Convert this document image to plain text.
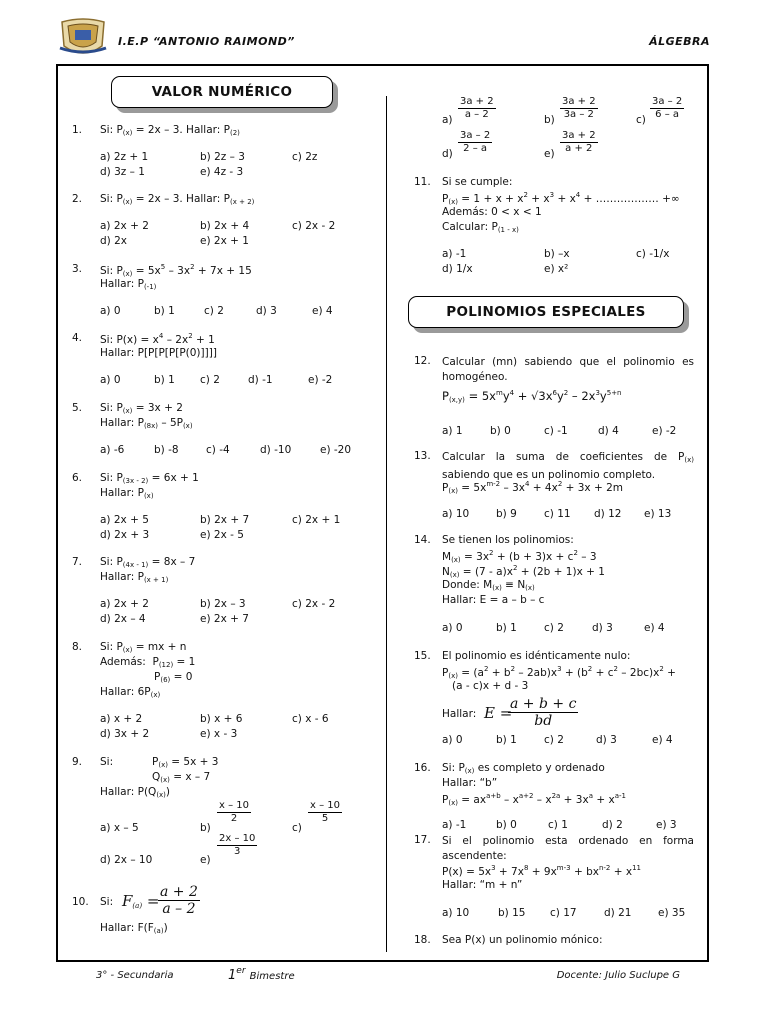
I.E.P “ANTONIO RAIMOND”	ÁLGEBRA
VALOR NUMÉRICO
1. Si: $P_{(x)} = 2x - 3$. Hallar: $P_{(2)}$
a) 2z + 1	b) 2z – 3	c) 2z
d) 3z – 1	e) 4z - 3
2. Si: $P_{(x)} = 2x - 3$. Hallar: $P_{(x + 2)}$
a) 2x + 2	b) 2x + 4	c) 2x - 2
d) 2x	e) 2x + 1
3. Si: $P_{(x)} = 5x^5 - 3x^2 + 7x + 15$
Hallar: $P_{(-1)}$
a) 0	b) 1	c) 2	d) 3	e) 4
4. Si: $P(x) = x^4 - 2x^2 + 1$
Hallar: P[P[P[P[P(0)]]]]
a) 0	b) 1 c) 2	d) -1	e) -2
5. Si: $P_{(x)} = 3x + 2$
Hallar: $P_{(8x)} - 5P_{(x)}$
a) -6	b) -8	c) -4	d) -10	e) -20
6. Si: $P_{(3x - 2)} = 6x + 1$
Hallar: $P_{(x)}$
a) 2x + 5	b) 2x + 7	c) 2x + 1
d) 2x + 3	e) 2x - 5
7. Si: $P_{(4x - 1)} = 8x - 7$
Hallar: $P_{(x + 1)}$
a) 2x + 2	b) 2x – 3	c) 2x - 2
d) 2x – 4	e) 2x + 7
8. Si: $P_{(x)}$ = mx + n
Además:  $P_{(12)} = 1$
$P_{(6)} = 0$
Hallar: $6P_{(x)}$
a) x + 2	b) x + 6	c) x - 6
d) 3x + 2	e) x - 3
9. Si:	$P_{(x)} = 5x + 3$
$Q_{(x)} = x - 7$
Hallar: $P(Q_{(x)})$
a) x – 5	b)
$\frac{x - 10}{2}$
c)
$\frac{x - 10}{5}$
d) 2x – 10	e)
$\frac{2x - 10}{3}$
10. Si: $F_{(a)}$ =
$\frac{a + 2}{a - 2}$
Hallar: $F(F_{(a)})$
$a) \frac{3a + 2}{a - 2}$	$b) \frac{3a + 2}{3a - 2}$	$c) \frac{3a - 2}{6 - a}$
$d) \frac{3a - 2}{2 - a}$	$e) \frac{3a + 2}{a + 2}$
11. Si se cumple:
$P_{(x)} = 1 + x + x^2 + x^3 + x^4$ + ……………… +∞
Además: 0 < x < 1
Calcular: $P_{(1 - x)}$
a) -1	b) –x	c) -1/x
d) 1/x	e) x²
POLINOMIOS ESPECIALES
12. Calcular (mn) sabiendo que el polinomio es homogéneo.
$P_{(x,y)} = 5x^my^4 + √3x^6y^2 - 2x^3y^{5+n}$
a) 1	b) 0	c) -1	d) 4	e) -2
13. Calcular la suma de coeficientes de $P_{(x)}$ sabiendo que es un polinomio completo.
$P_{(x)} = 5x^{m-2} - 3x^4 + 4x^2 + 3x + 2m$
a) 10	b) 9	c) 11 d) 12 e) 13
14. Se tienen los polinomios:
$M_{(x)} = 3x^2 + (b + 3)x + c^2 - 3$
$N_{(x)} = (7 - a)x^2 + (2b + 1)x + 1$
Donde: $M_{(x)} \equiv N_{(x)}$
Hallar: E = a – b – c
a) 0	b) 1	c) 2	d) 3	e) 4
15. El polinomio es idénticamente nulo:
$P_{(x)} = (a^2 + b^2 - 2ab)x^3 + (b^2 + c^2 - 2bc)x^2$ +
(a - c)x + d - 3
Hallar: E =
$\frac{a + b + c}{bd}$
a) 0	b) 1	c) 2	d) 3	e) 4
16. Si: $P_{(x)}$ es completo y ordenado
Hallar: “b”
$P_{(x)} = ax^{a+b} - x^{a+2} - x^{2a} + 3x^a + x^{a-1}$
a) -1	b) 0	c) 1	d) 2	e) 3
17. Si el polinomio esta ordenado en forma ascendente:
$P(x) = 5x^3 + 7x^8 + 9x^{m-3} + bx^{n-2} + x^{11}$
Hallar: “m + n”
a) 10	b) 15 c) 17	d) 21	e) 35
18. Sea P(x) un polinomio mónico:
3° - Secundaria	1er Bimestre	Docente: Julio Suclupe G
